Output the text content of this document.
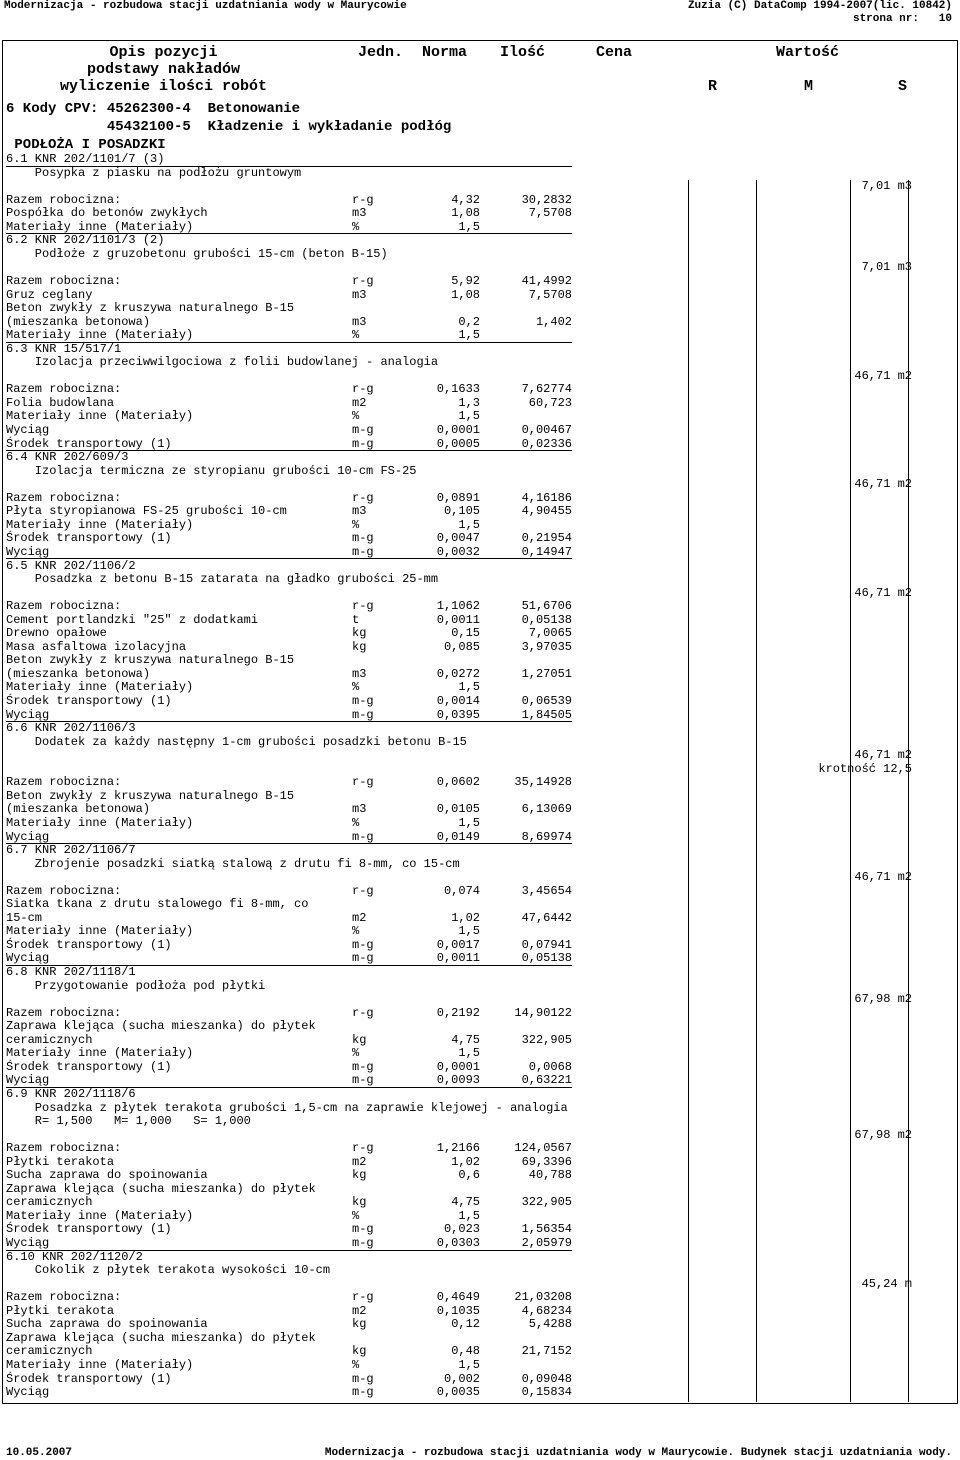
Modernizacja - rozbudowa stacji uzdatniania wody w Maurycowie	Zuzia (C) DataComp 1994-2007(lic. 10842)
strona nr:   10
Opis pozycji
podstawy nakładów
wyliczenie ilości robót
Jedn. Norma Ilość	Cena	Wartość
R	M	S
6 Kody CPV: 45262300-4  Betonowanie
45432100-5  Kładzenie i wykładanie podłóg
PODŁOŻA I POSADZKI
6.1 KNR 202/1101/7 (3)
Posypka z piasku na podłożu gruntowym
7,01 m3
Razem robocizna:	r-g	4,32	30,2832
Pospółka do betonów zwykłych	m3	1,08	7,5708
Materiały inne (Materiały)	%	1,5
6.2 KNR 202/1101/3 (2)
Podłoże z gruzobetonu grubości 15-cm (beton B-15)
7,01 m3
Razem robocizna:	r-g	5,92	41,4992
Gruz ceglany	m3	1,08	7,5708
Beton zwykły z kruszywa naturalnego B-15
(mieszanka betonowa)	m3	0,2	1,402
Materiały inne (Materiały)	%	1,5
6.3 KNR 15/517/1
Izolacja przeciwwilgociowa z folii budowlanej - analogia
46,71 m2
Razem robocizna:	r-g	0,1633	7,62774
Folia budowlana	m2	1,3	60,723
Materiały inne (Materiały)	%	1,5
Wyciąg	m-g	0,0001	0,00467
Środek transportowy (1)	m-g	0,0005	0,02336
6.4 KNR 202/609/3
Izolacja termiczna ze styropianu grubości 10-cm FS-25
46,71 m2
Razem robocizna:	r-g	0,0891	4,16186
Płyta styropianowa FS-25 grubości 10-cm	m3	0,105	4,90455
Materiały inne (Materiały)	%	1,5
Środek transportowy (1)	m-g	0,0047	0,21954
Wyciąg	m-g	0,0032	0,14947
6.5 KNR 202/1106/2
Posadzka z betonu B-15 zatarata na gładko grubości 25-mm
46,71 m2
Razem robocizna:	r-g	1,1062	51,6706
Cement portlandzki "25" z dodatkami	t	0,0011	0,05138
Drewno opałowe	kg	0,15	7,0065
Masa asfaltowa izolacyjna	kg	0,085	3,97035
Beton zwykły z kruszywa naturalnego B-15
(mieszanka betonowa)	m3	0,0272	1,27051
Materiały inne (Materiały)	%	1,5
Środek transportowy (1)	m-g	0,0014	0,06539
Wyciąg	m-g	0,0395	1,84505
6.6 KNR 202/1106/3
Dodatek za każdy następny 1-cm grubości posadzki betonu B-15
46,71 m2
krotność 12,5
Razem robocizna:	r-g	0,0602	35,14928
Beton zwykły z kruszywa naturalnego B-15
(mieszanka betonowa)	m3	0,0105	6,13069
Materiały inne (Materiały)	%	1,5
Wyciąg	m-g	0,0149	8,69974
6.7 KNR 202/1106/7
Zbrojenie posadzki siatką stalową z drutu fi 8-mm, co 15-cm
46,71 m2
Razem robocizna:	r-g	0,074	3,45654
Siatka tkana z drutu stalowego fi 8-mm, co
15-cm	m2	1,02	47,6442
Materiały inne (Materiały)	%	1,5
Środek transportowy (1)	m-g	0,0017	0,07941
Wyciąg	m-g	0,0011	0,05138
6.8 KNR 202/1118/1
Przygotowanie podłoża pod płytki
67,98 m2
Razem robocizna:	r-g	0,2192	14,90122
Zaprawa klejąca (sucha mieszanka) do płytek
ceramicznych	kg	4,75	322,905
Materiały inne (Materiały)	%	1,5
Środek transportowy (1)	m-g	0,0001	0,0068
Wyciąg	m-g	0,0093	0,63221
6.9 KNR 202/1118/6
Posadzka z płytek terakota grubości 1,5-cm na zaprawie klejowej - analogia
R= 1,500   M= 1,000   S= 1,000
67,98 m2
Razem robocizna:	r-g	1,2166	124,0567
Płytki terakota	m2	1,02	69,3396
Sucha zaprawa do spoinowania	kg	0,6	40,788
Zaprawa klejąca (sucha mieszanka) do płytek
ceramicznych	kg	4,75	322,905
Materiały inne (Materiały)	%	1,5
Środek transportowy (1)	m-g	0,023	1,56354
Wyciąg	m-g	0,0303	2,05979
6.10 KNR 202/1120/2
Cokolik z płytek terakota wysokości 10-cm
45,24 m
Razem robocizna:	r-g	0,4649	21,03208
Płytki terakota	m2	0,1035	4,68234
Sucha zaprawa do spoinowania	kg	0,12	5,4288
Zaprawa klejąca (sucha mieszanka) do płytek
ceramicznych	kg	0,48	21,7152
Materiały inne (Materiały)	%	1,5
Środek transportowy (1)	m-g	0,002	0,09048
Wyciąg	m-g	0,0035	0,15834
10.05.2007	Modernizacja - rozbudowa stacji uzdatniania wody w Maurycowie. Budynek stacji uzdatniania wody.
